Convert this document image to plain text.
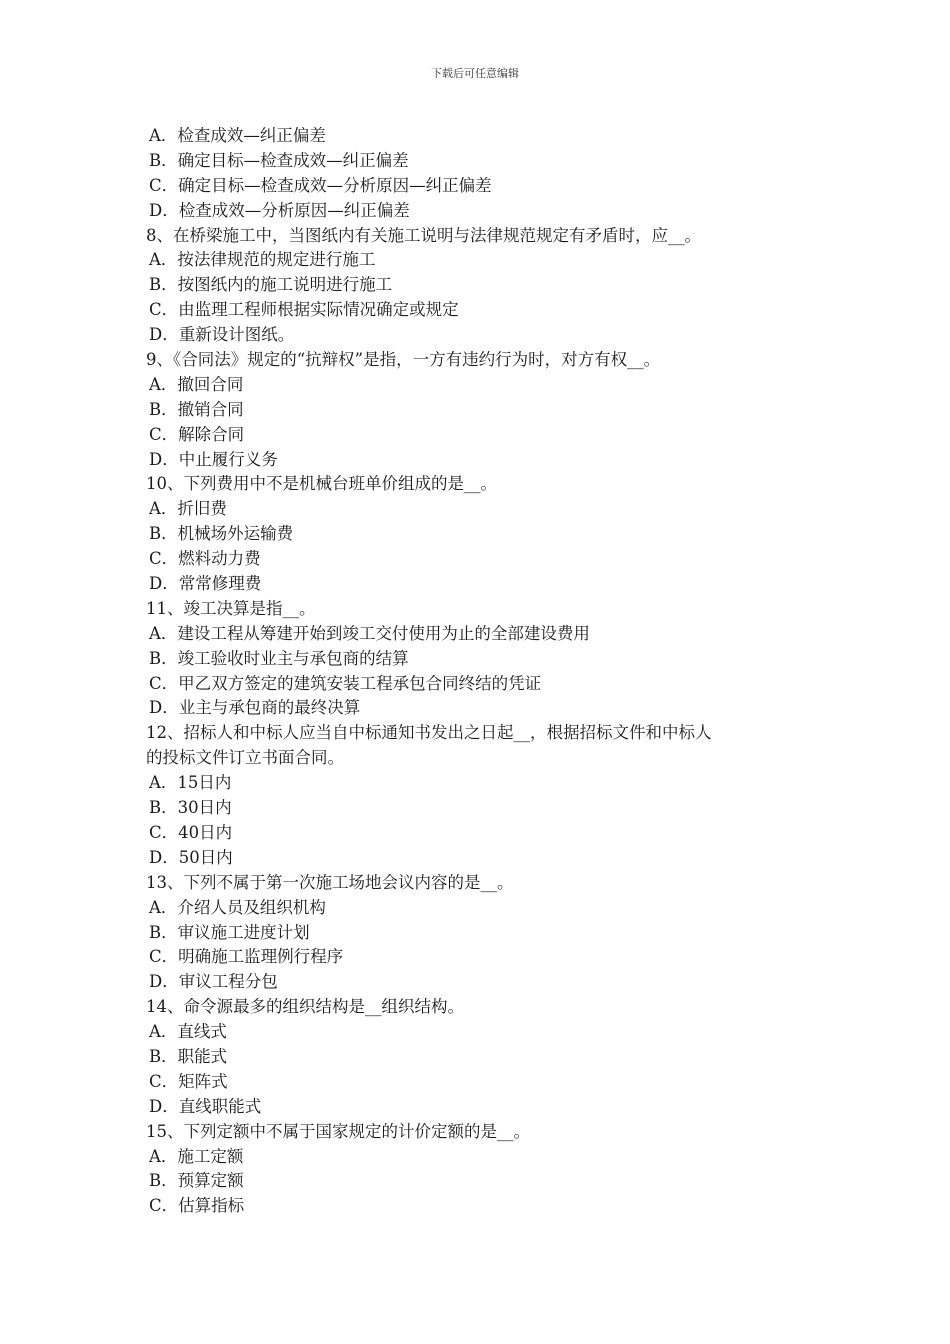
下载后可任意编辑
A．检查成效—纠正偏差
B．确定目标—检查成效—纠正偏差
C．确定目标—检查成效—分析原因—纠正偏差
D．检查成效—分析原因—纠正偏差
8、在桥梁施工中，当图纸内有关施工说明与法律规范规定有矛盾时，应__。
A．按法律规范的规定进行施工
B．按图纸内的施工说明进行施工
C．由监理工程师根据实际情况确定或规定
D．重新设计图纸。
9、《合同法》规定的“抗辩权”是指，一方有违约行为时，对方有权__。
A．撤回合同
B．撤销合同
C．解除合同
D．中止履行义务
10、下列费用中不是机械台班单价组成的是__。
A．折旧费
B．机械场外运输费
C．燃料动力费
D．常常修理费
11、竣工决算是指__。
A．建设工程从筹建开始到竣工交付使用为止的全部建设费用
B．竣工验收时业主与承包商的结算
C．甲乙双方签定的建筑安装工程承包合同终结的凭证
D．业主与承包商的最终决算
12、招标人和中标人应当自中标通知书发出之日起__，根据招标文件和中标人
的投标文件订立书面合同。
A．15日内
B．30日内
C．40日内
D．50日内
13、下列不属于第一次施工场地会议内容的是__。
A．介绍人员及组织机构
B．审议施工进度计划
C．明确施工监理例行程序
D．审议工程分包
14、命令源最多的组织结构是__组织结构。
A．直线式
B．职能式
C．矩阵式
D．直线职能式
15、下列定额中不属于国家规定的计价定额的是__。
A．施工定额
B．预算定额
C．估算指标
